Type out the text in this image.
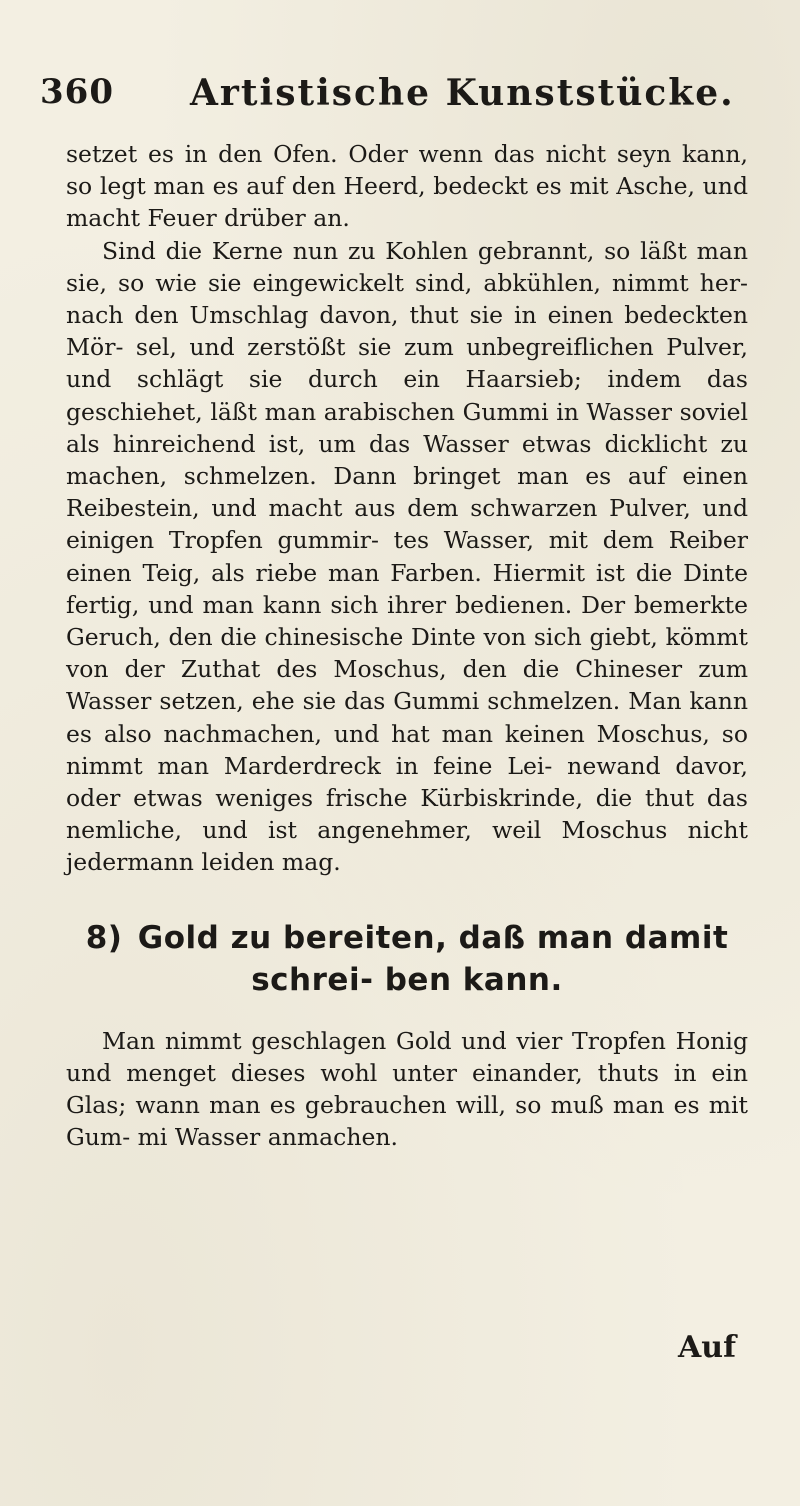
360 Artistische Kunststücke.

setzet es in den Ofen. Oder wenn das nicht seyn kann, so legt man es auf den Heerd, bedeckt es mit Asche, und macht Feuer drüber an.

Sind die Kerne nun zu Kohlen gebrannt, so läßt man sie, so wie sie eingewickelt sind, abkühlen, nimmt her- nach den Umschlag davon, thut sie in einen bedeckten Mör- sel, und zerstößt sie zum unbegreiflichen Pulver, und schlägt sie durch ein Haarsieb; indem das geschiehet, läßt man arabischen Gummi in Wasser soviel als hinreichend ist, um das Wasser etwas dicklicht zu machen, schmelzen. Dann bringet man es auf einen Reibestein, und macht aus dem schwarzen Pulver, und einigen Tropfen gummir- tes Wasser, mit dem Reiber einen Teig, als riebe man Farben. Hiermit ist die Dinte fertig, und man kann sich ihrer bedienen. Der bemerkte Geruch, den die chinesische Dinte von sich giebt, kömmt von der Zuthat des Moschus, den die Chineser zum Wasser setzen, ehe sie das Gummi schmelzen. Man kann es also nachmachen, und hat man keinen Moschus, so nimmt man Marderdreck in feine Lei- newand davor, oder etwas weniges frische Kürbiskrinde, die thut das nemliche, und ist angenehmer, weil Moschus nicht jedermann leiden mag.

8) Gold zu bereiten, daß man damit schrei- ben kann.

Man nimmt geschlagen Gold und vier Tropfen Honig und menget dieses wohl unter einander, thuts in ein Glas; wann man es gebrauchen will, so muß man es mit Gum- mi Wasser anmachen.

Auf
